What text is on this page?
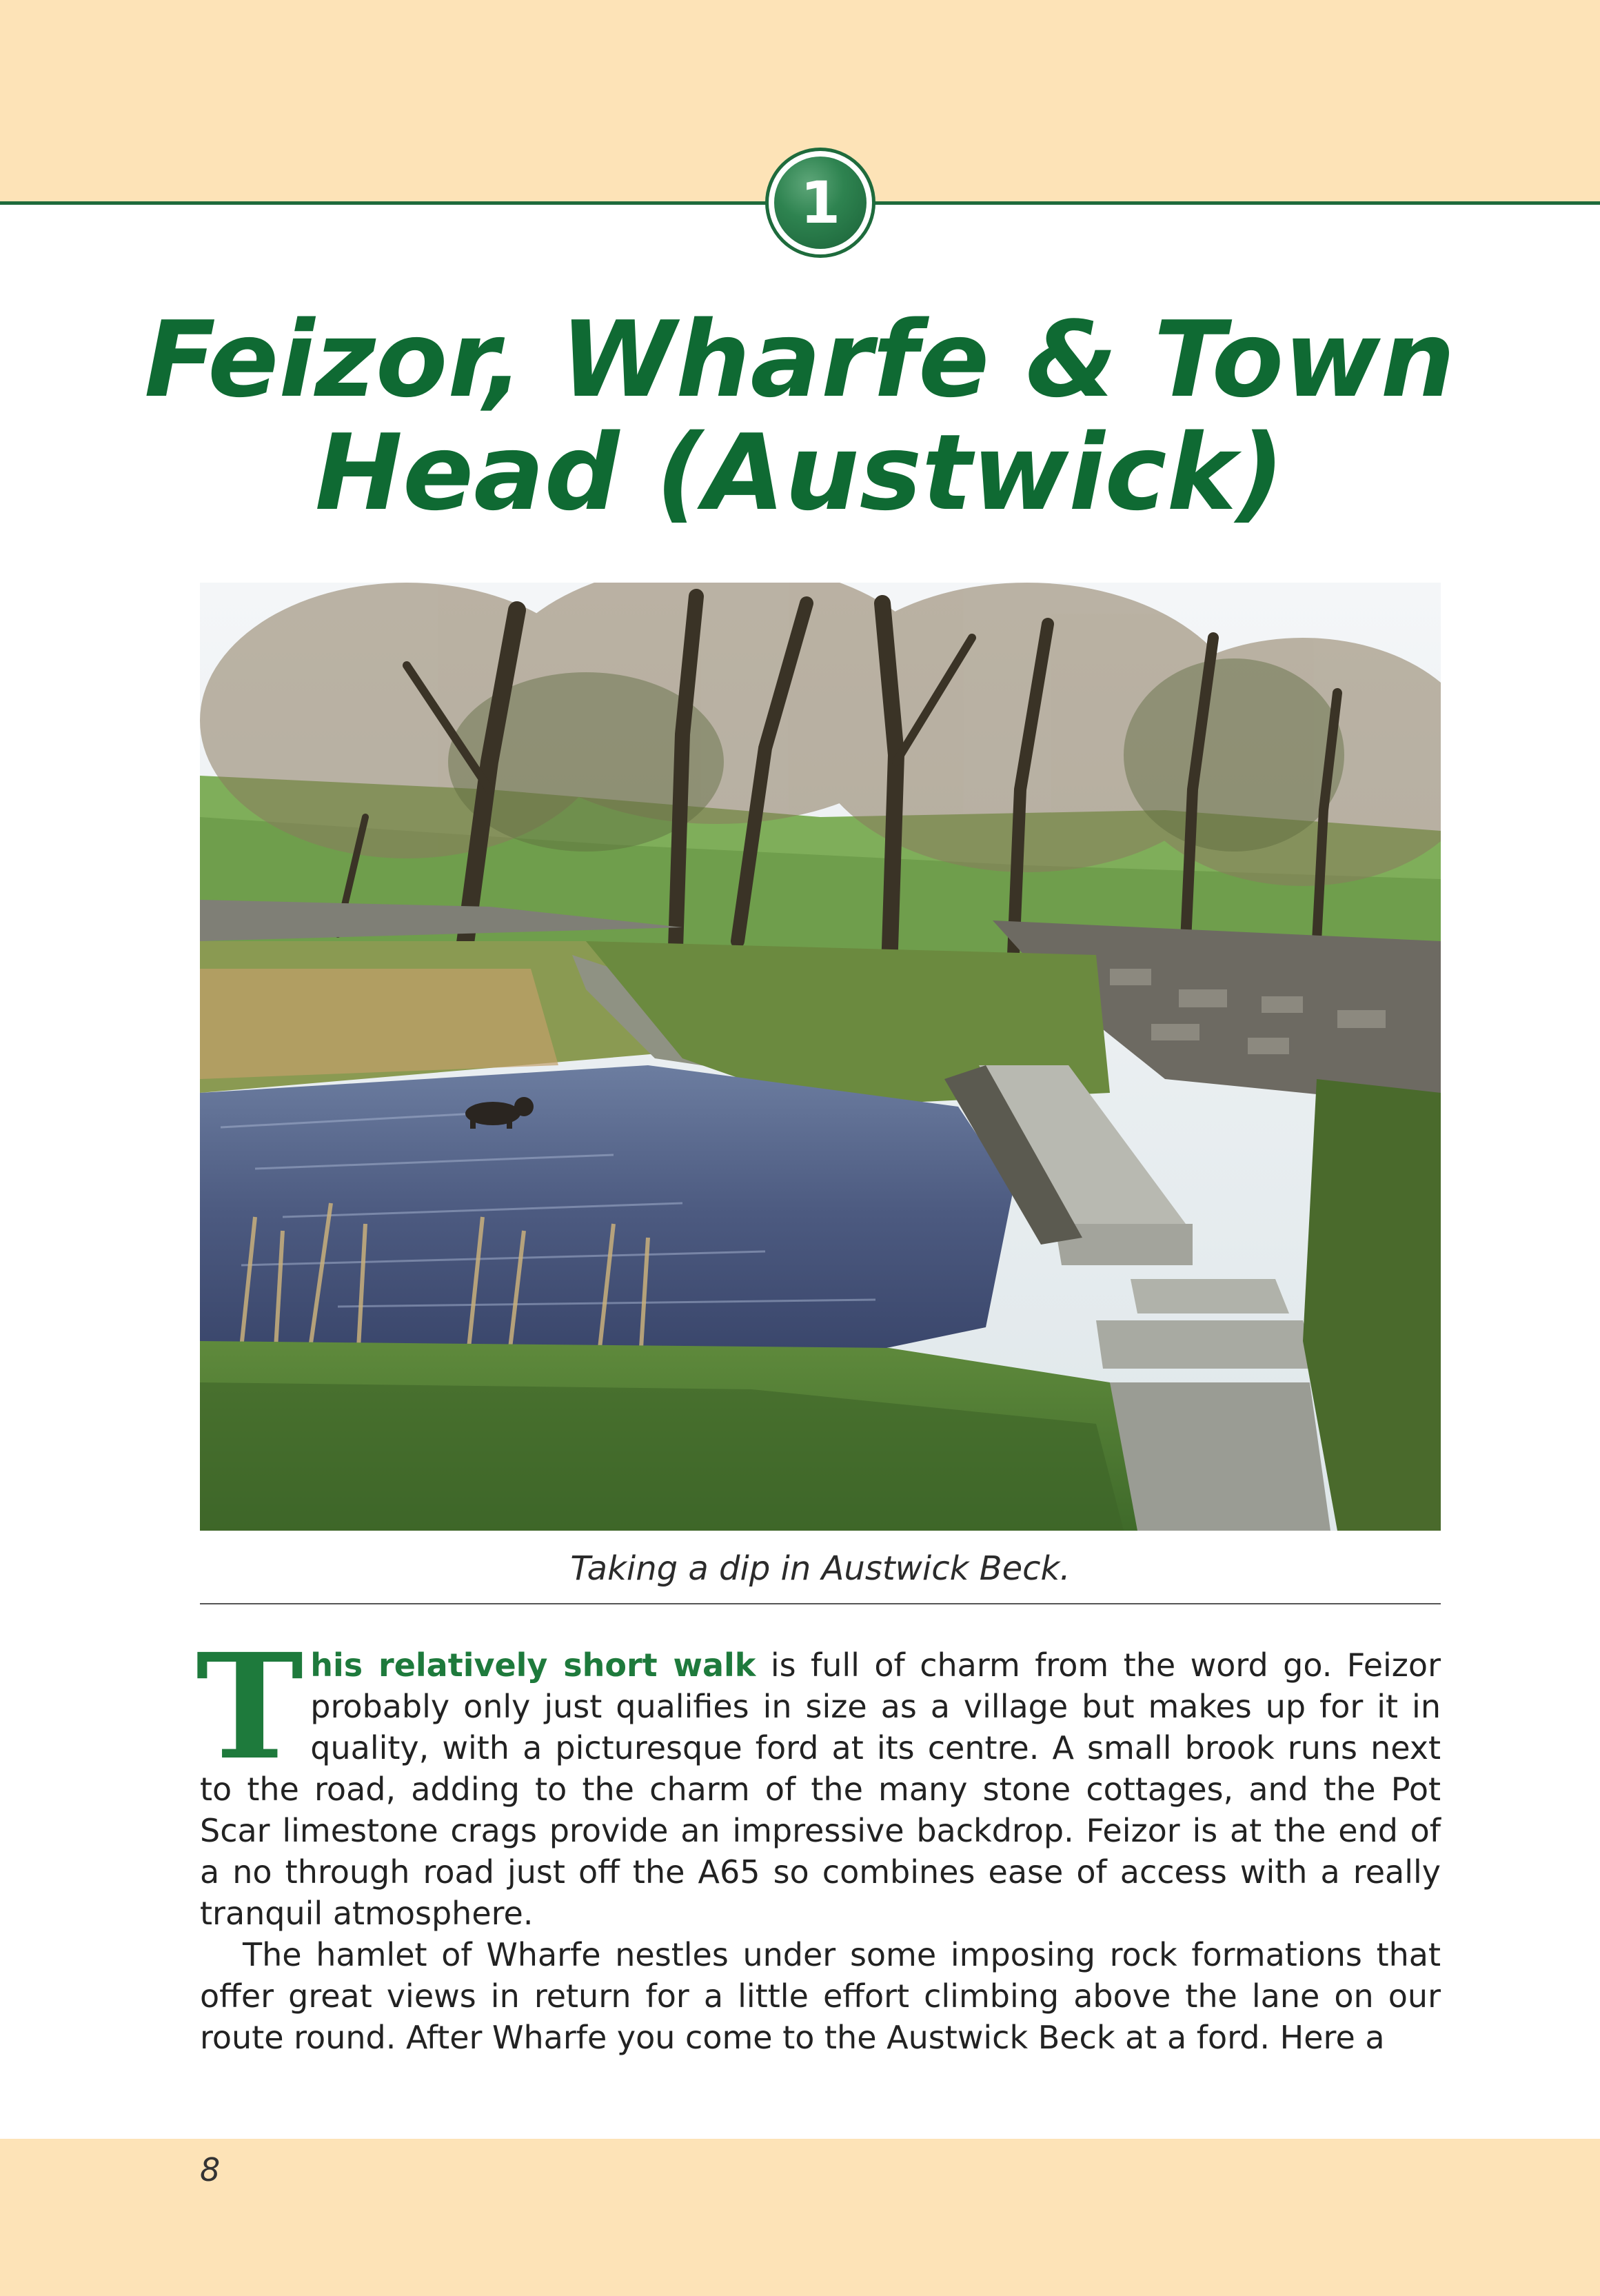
1
Feizor, Wharfe & Town
Head (Austwick)
Taking a dip in Austwick Beck.

This relatively short walk is full of charm from the word go. Feizor probably only just qualifies in size as a village but makes up for it in quality, with a picturesque ford at its centre. A small brook runs next to the road, adding to the charm of the many stone cottages, and the Pot Scar limestone crags provide an impressive backdrop. Feizor is at the end of a no through road just off the A65 so combines ease of access with a really tranquil atmosphere.

The hamlet of Wharfe nestles under some imposing rock formations that offer great views in return for a little effort climbing above the lane on our route round. After Wharfe you come to the Austwick Beck at a ford. Here a

8
